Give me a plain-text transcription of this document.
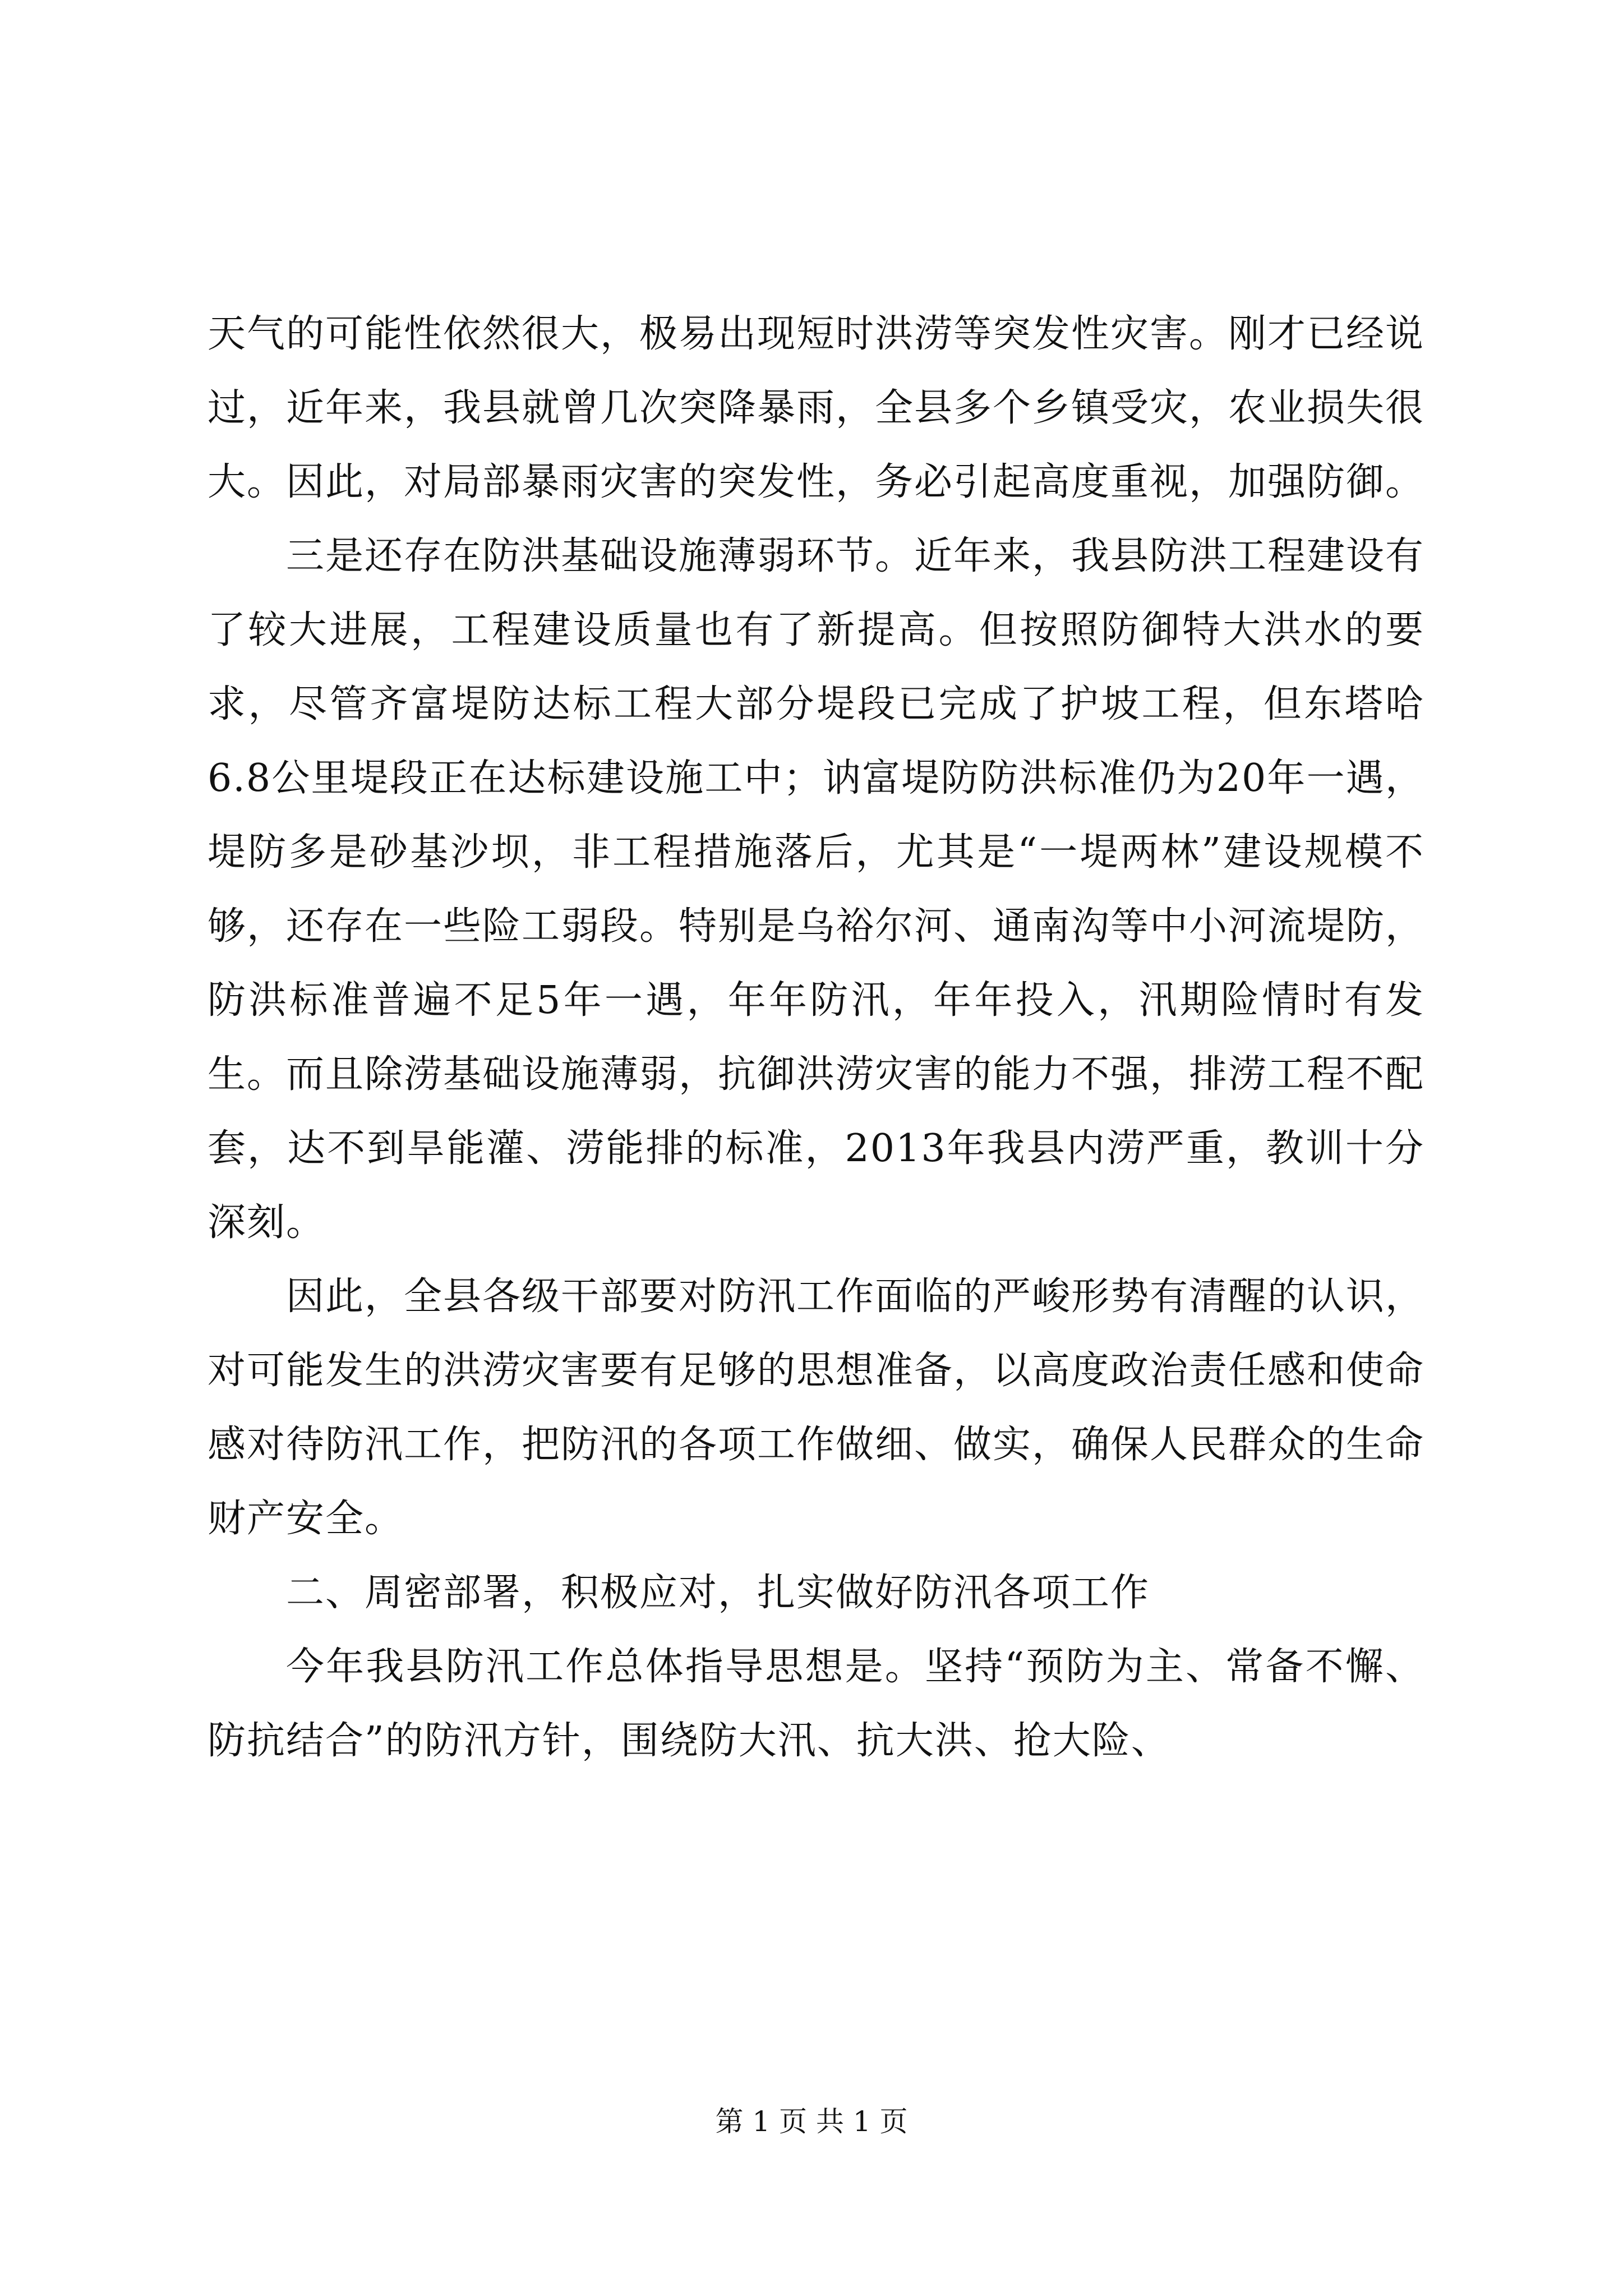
天气的可能性依然很大，极易出现短时洪涝等突发性灾害。刚才已经说过，近年来，我县就曾几次突降暴雨，全县多个乡镇受灾，农业损失很大。因此，对局部暴雨灾害的突发性，务必引起高度重视，加强防御。

三是还存在防洪基础设施薄弱环节。近年来，我县防洪工程建设有了较大进展，工程建设质量也有了新提高。但按照防御特大洪水的要求，尽管齐富堤防达标工程大部分堤段已完成了护坡工程，但东塔哈6.8公里堤段正在达标建设施工中；讷富堤防防洪标准仍为20年一遇，堤防多是砂基沙坝，非工程措施落后，尤其是“一堤两林”建设规模不够，还存在一些险工弱段。特别是乌裕尔河、通南沟等中小河流堤防，防洪标准普遍不足5年一遇，年年防汛，年年投入，汛期险情时有发生。而且除涝基础设施薄弱，抗御洪涝灾害的能力不强，排涝工程不配套，达不到旱能灌、涝能排的标准，2013年我县内涝严重，教训十分深刻。

因此，全县各级干部要对防汛工作面临的严峻形势有清醒的认识，对可能发生的洪涝灾害要有足够的思想准备，以高度政治责任感和使命感对待防汛工作，把防汛的各项工作做细、做实，确保人民群众的生命财产安全。

二、周密部署，积极应对，扎实做好防汛各项工作

今年我县防汛工作总体指导思想是。坚持“预防为主、常备不懈、防抗结合”的防汛方针，围绕防大汛、抗大洪、抢大险、

第 1 页 共 1 页
